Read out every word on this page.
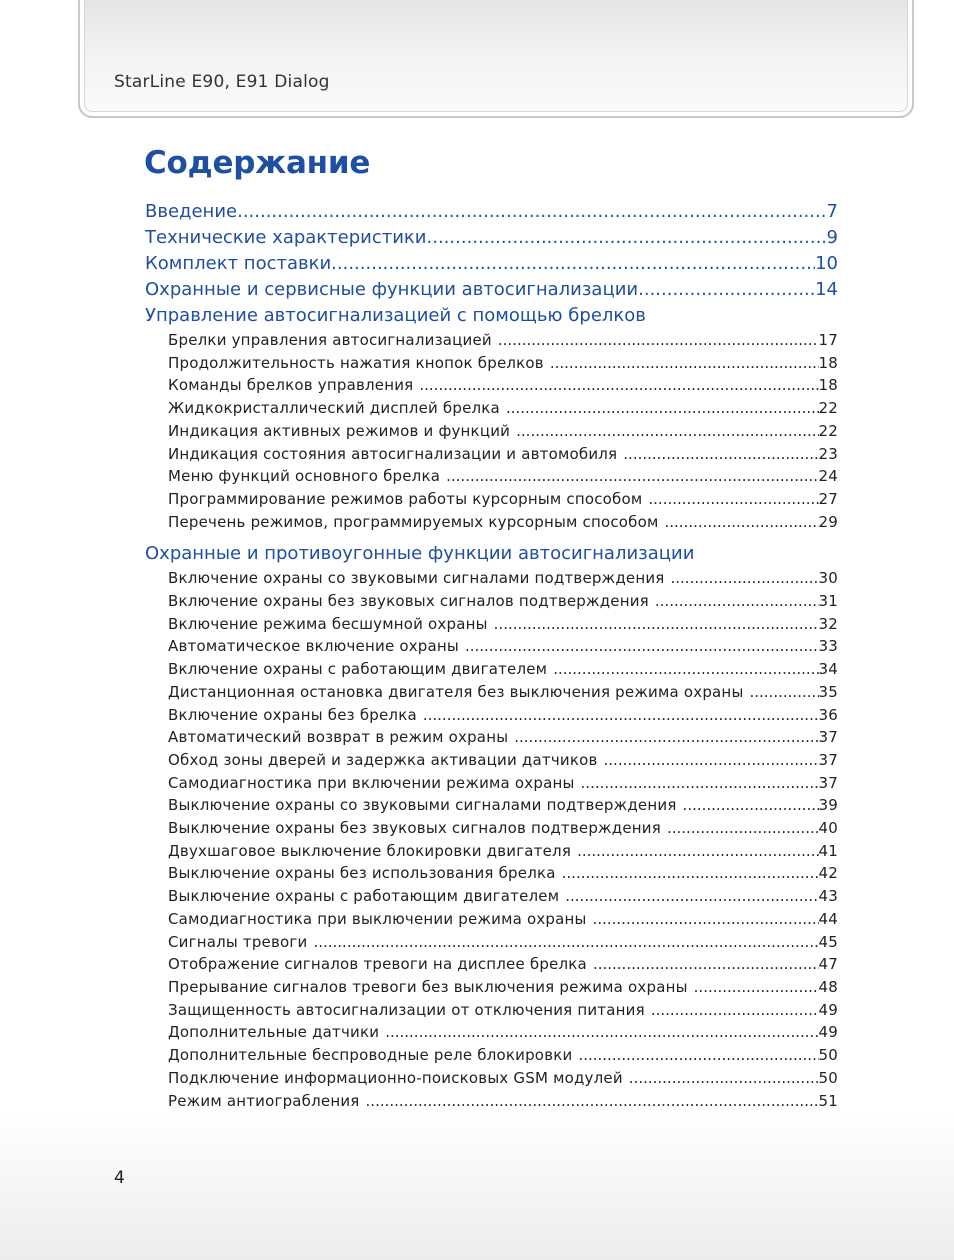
StarLine E90, E91 Dialog
Содержание
Введение .....	7
Технические характеристики .....	9
Комплект поставки .....	10
Охранные и сервисные функции автосигнализации .....	14
Управление автосигнализацией с помощью брелков
Брелки управления автосигнализацией .....	17
Продолжительность нажатия кнопок брелков .....	18
Команды брелков управления .....	18
Жидкокристаллический дисплей брелка .....	22
Индикация активных режимов и функций .....	22
Индикация состояния автосигнализации и автомобиля .....	23
Меню функций основного брелка .....	24
Программирование режимов работы курсорным способом .....	27
Перечень режимов, программируемых курсорным способом .....	29
Охранные и противоугонные функции автосигнализации
Включение охраны со звуковыми сигналами подтверждения .....	30
Включение охраны без звуковых сигналов подтверждения .....	31
Включение режима бесшумной охраны .....	32
Автоматическое включение охраны .....	33
Включение охраны с работающим двигателем .....	34
Дистанционная остановка двигателя без выключения режима охраны .....	35
Включение охраны без брелка .....	36
Автоматический возврат в режим охраны .....	37
Обход зоны дверей и задержка активации датчиков .....	37
Самодиагностика при включении режима охраны .....	37
Выключение охраны со звуковыми сигналами подтверждения .....	39
Выключение охраны без звуковых сигналов подтверждения .....	40
Двухшаговое выключение блокировки двигателя .....	41
Выключение охраны без использования брелка .....	42
Выключение охраны с работающим двигателем .....	43
Самодиагностика при выключении режима охраны .....	44
Сигналы тревоги .....	45
Отображение сигналов тревоги на дисплее брелка .....	47
Прерывание сигналов тревоги без выключения режима охраны .....	48
Защищенность автосигнализации от отключения питания .....	49
Дополнительные датчики .....	49
Дополнительные беспроводные реле блокировки .....	50
Подключение информационно-поисковых GSM модулей .....	50
Режим антиограбления .....	51
4
